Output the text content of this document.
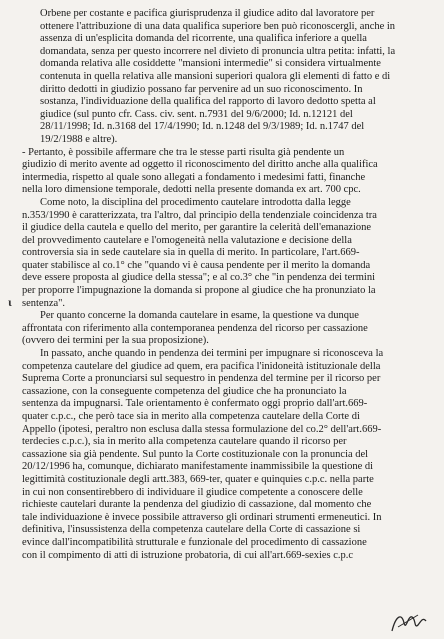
Orbene per costante e pacifica giurisprudenza il giudice adito dal lavoratore per
ottenere l'attribuzione di una data qualifica superiore ben può riconoscergli, anche in
assenza di un'esplicita domanda del ricorrente, una qualifica inferiore a quella
domandata, senza per questo incorrere nel divieto di pronuncia ultra petita: infatti, la
domanda relativa alle cosiddette "mansioni intermedie" si considera virtualmente
contenuta in quella relativa alle mansioni superiori qualora gli elementi di fatto e di
diritto dedotti in giudizio possano far pervenire ad un suo riconoscimento. In
sostanza, l'individuazione della qualifica del rapporto di lavoro dedotto spetta al
giudice (sul punto cfr. Cass. civ. sent. n.7931 del 9/6/2000; Id. n.12121 del
28/11/1998; Id. n.3168 del 17/4/1990; Id. n.1248 del 9/3/1989; Id. n.1747 del
19/2/1988 e altre).

- Pertanto, è possibile affermare che tra le stesse parti risulta già pendente un
giudizio di merito avente ad oggetto il riconoscimento del diritto anche alla qualifica
intermedia, rispetto al quale sono allegati a fondamento i medesimi fatti, finanche
nella loro dimensione temporale, dedotti nella presente domanda ex art. 700 cpc.

Come noto, la disciplina del procedimento cautelare introdotta dalla legge
n.353/1990 è caratterizzata, tra l'altro, dal principio della tendenziale coincidenza tra
il giudice della cautela e quello del merito, per garantire la celerità dell'emanazione
del provvedimento cautelare e l'omogeneità nella valutazione e decisione della
controversia sia in sede cautelare sia in quella di merito. In particolare, l'art.669-
quater stabilisce al co.1° che "quando vi è causa pendente per il merito la domanda
deve essere proposta al giudice della stessa"; e al co.3° che "in pendenza dei termini
per proporre l'impugnazione la domanda si propone al giudice che ha pronunziato la
sentenza".

Per quanto concerne la domanda cautelare in esame, la questione va dunque
affrontata con riferimento alla contemporanea pendenza del ricorso per cassazione
(ovvero dei termini per la sua proposizione).

In passato, anche quando in pendenza dei termini per impugnare si riconosceva la
competenza cautelare del giudice ad quem, era pacifica l'inidoneità istituzionale della
Suprema Corte a pronunciarsi sul sequestro in pendenza del termine per il ricorso per
cassazione, con la conseguente competenza del giudice che ha pronunciato la
sentenza da impugnarsi. Tale orientamento è confermato oggi proprio dall'art.669-
quater c.p.c., che però tace sia in merito alla competenza cautelare della Corte di
Appello (ipotesi, peraltro non esclusa dalla stessa formulazione del co.2° dell'art.669-
terdecies c.p.c.), sia in merito alla competenza cautelare quando il ricorso per
cassazione sia già pendente. Sul punto la Corte costituzionale con la pronuncia del
20/12/1996 ha, comunque, dichiarato manifestamente inammissibile la questione di
legittimità costituzionale degli artt.383, 669-ter, quater e quinquies c.p.c. nella parte
in cui non consentirebbero di individuare il giudice competente a conoscere delle
richieste cautelari durante la pendenza del giudizio di cassazione, dal momento che
tale individuazione è invece possibile attraverso gli ordinari strumenti ermeneutici. In
definitiva, l'insussistenza della competenza cautelare della Corte di cassazione si
evince dall'incompatibilità strutturale e funzionale del procedimento di cassazione
con il compimento di atti di istruzione probatoria, di cui all'art.669-sexies c.p.c

ɩ
